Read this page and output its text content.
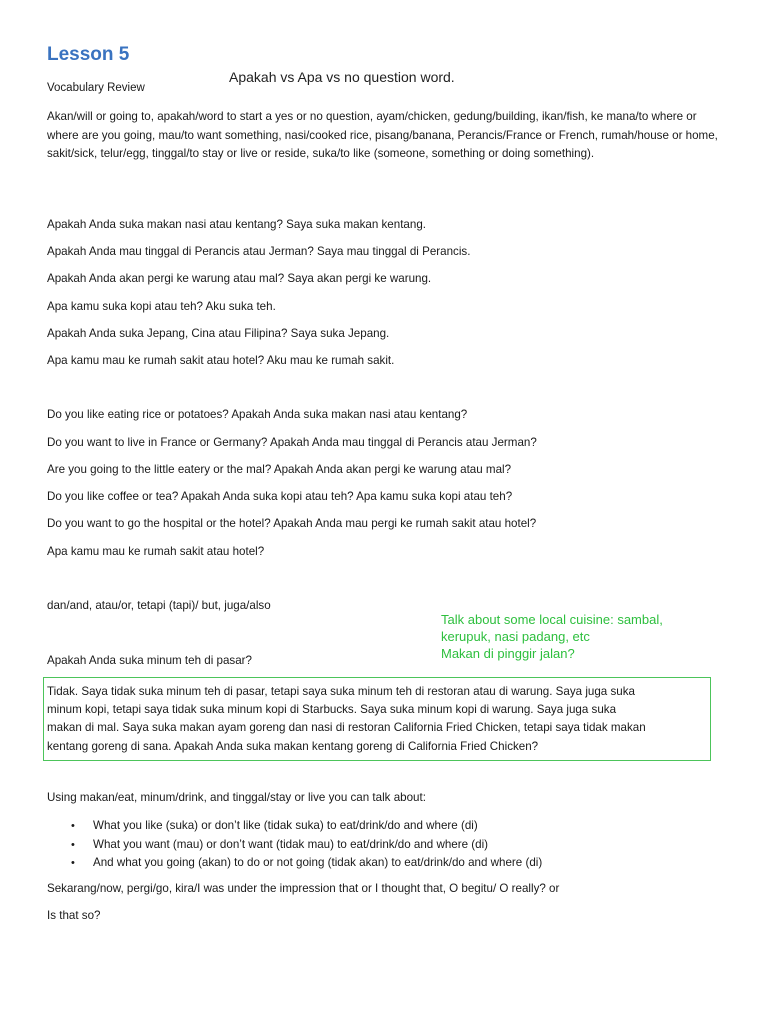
Lesson 5
Apakah vs Apa vs no question word.
Vocabulary Review
Akan/will or going to, apakah/word to start a yes or no question, ayam/chicken, gedung/building, ikan/fish, ke mana/to where or where are you going, mau/to want something, nasi/cooked rice, pisang/banana, Perancis/France or French, rumah/house or home, sakit/sick, telur/egg, tinggal/to stay or live or reside, suka/to like (someone, something or doing something).
Apakah Anda suka makan nasi atau kentang? Saya suka makan kentang.
Apakah Anda mau tinggal di Perancis atau Jerman? Saya mau tinggal di Perancis.
Apakah Anda akan pergi ke warung atau mal? Saya akan pergi ke warung.
Apa kamu suka kopi atau teh? Aku suka teh.
Apakah Anda suka Jepang, Cina atau Filipina? Saya suka Jepang.
Apa kamu mau ke rumah sakit atau hotel? Aku mau ke rumah sakit.
Do you like eating rice or potatoes? Apakah Anda suka makan nasi atau kentang?
Do you want to live in France or Germany? Apakah Anda mau tinggal di Perancis atau Jerman?
Are you going to the little eatery or the mal? Apakah Anda akan pergi ke warung atau mal?
Do you like coffee or tea? Apakah Anda suka kopi atau teh? Apa kamu suka kopi atau teh?
Do you want to go the hospital or the hotel? Apakah Anda mau pergi ke rumah sakit atau hotel?
Apa kamu mau ke rumah sakit atau hotel?
dan/and, atau/or, tetapi (tapi)/ but, juga/also
Talk about some local cuisine: sambal,
kerupuk, nasi padang, etc
Makan di pinggir jalan?
Apakah Anda suka minum teh di pasar?
Tidak. Saya tidak suka minum teh di pasar, tetapi saya suka minum teh di restoran atau di warung. Saya juga suka
minum kopi, tetapi saya tidak suka minum kopi di Starbucks. Saya suka minum kopi di warung. Saya juga suka
makan di mal. Saya suka makan ayam goreng dan nasi di restoran California Fried Chicken, tetapi saya tidak makan
kentang goreng di sana. Apakah Anda suka makan kentang goreng di California Fried Chicken?
Using makan/eat, minum/drink, and tinggal/stay or live you can talk about:
• What you like (suka) or don’t like (tidak suka) to eat/drink/do and where (di)
• What you want (mau) or don’t want (tidak mau) to eat/drink/do and where (di)
• And what you going (akan) to do or not going (tidak akan) to eat/drink/do and where (di)
Sekarang/now, pergi/go, kira/I was under the impression that or I thought that, O begitu/ O really? or
Is that so?
